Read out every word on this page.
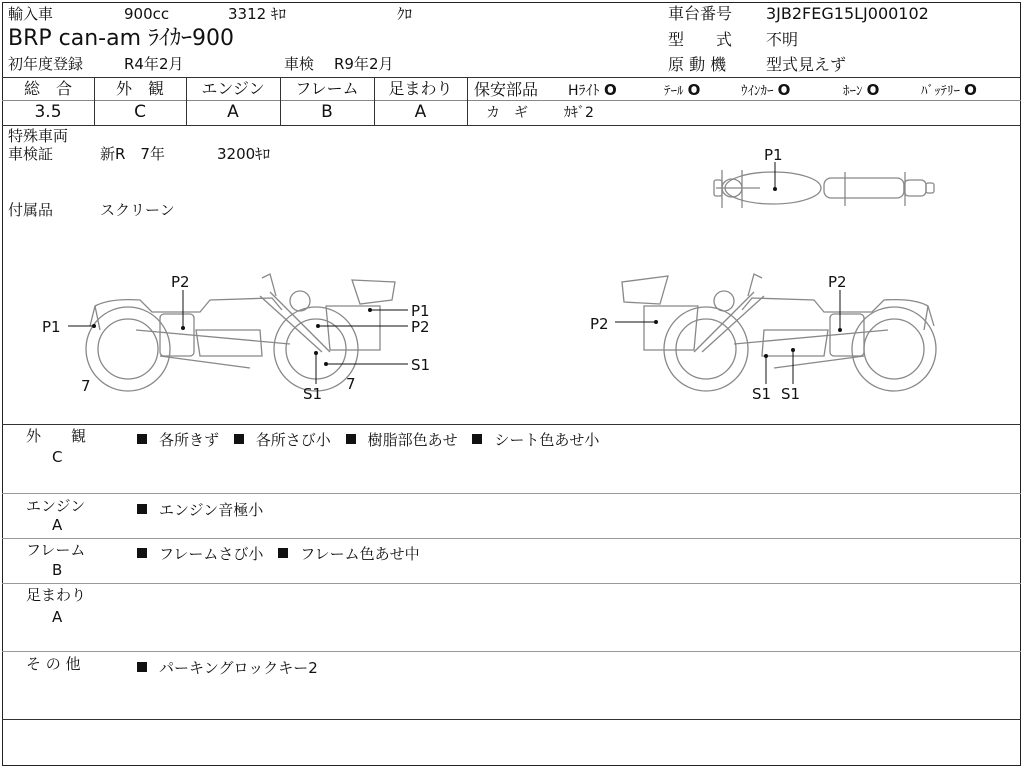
輸入車	900cc	3312 ｷﾛ	ｸﾛ	車台番号 3JB2FEG15LJ000102
BRP can-am ﾗｲｶｰ900	型　　式 不明
初年度登録	R4年2月	車検 R9年2月	原 動 機 型式見えず
総　合	外　観	エンジン	フレーム	足まわり
3.5	C	A	B	A
保安部品 Hﾗｲﾄ O	ﾃｰﾙ O	ｳｲﾝｶｰ O	ﾎｰﾝ O	ﾊﾞｯﾃﾘｰ O
カ　ギ	ｶｷﾞ2
特殊車両
車検証	新R　7年	3200ｷﾛ
付属品	スクリーン
P1
P1
P2
7
P1
P2
S1
S1
7
P2
P2
S1 S1
外　　観
C
各所きず 各所さび小 樹脂部色あせ シート色あせ小
エンジン
A
エンジン音極小
フレーム
B
フレームさび小 フレーム色あせ中
足まわり
A
そ の 他	パーキングロックキー2
